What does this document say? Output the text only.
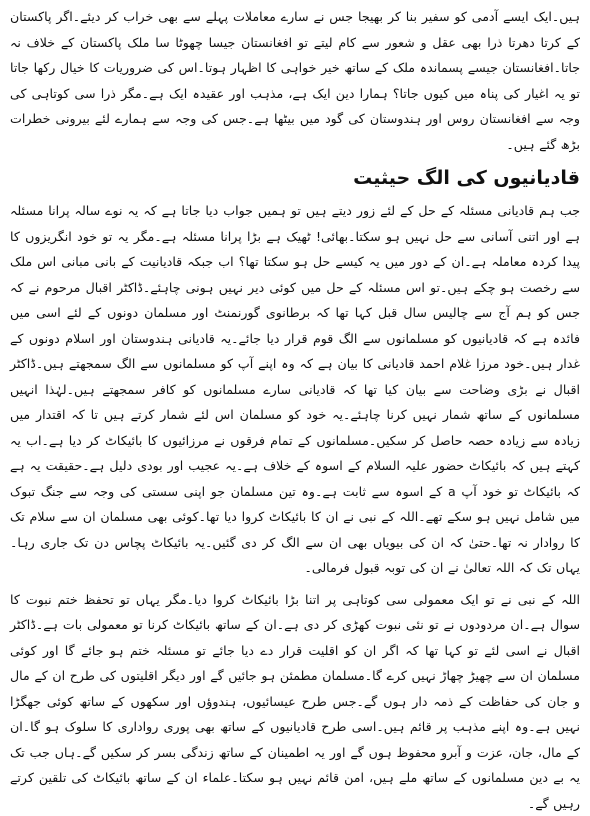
ہیں۔ایک ایسے آدمی کو سفیر بنا کر بھیجا جس نے سارے معاملات پہلے سے بھی خراب کر دیئے۔اگر پاکستان کے کرتا دھرتا ذرا بھی عقل و شعور سے کام لیتے تو افغانستان جیسا چھوٹا سا ملک پاکستان کے خلاف نہ جاتا۔افغانستان جیسے پسماندہ ملک کے ساتھ خیر خواہی کا اظہار ہوتا۔اس کی ضروریات کا خیال رکھا جاتا تو یہ اغیار کی پناہ میں کیوں جاتا؟ ہمارا دین ایک ہے، مذہب اور عقیدہ ایک ہے۔مگر ذرا سی کوتاہی کی وجہ سے افغانستان روس اور ہندوستان کی گود میں بیٹھا ہے۔جس کی وجہ سے ہمارے لئے بیرونی خطرات بڑھ گئے ہیں۔

قادیانیوں کی الگ حیثیت

جب ہم قادیانی مسئلہ کے حل کے لئے زور دیتے ہیں تو ہمیں جواب دیا جاتا ہے کہ یہ نوے سالہ پرانا مسئلہ ہے اور اتنی آسانی سے حل نہیں ہو سکتا۔بھائی! ٹھیک ہے بڑا پرانا مسئلہ ہے۔مگر یہ تو خود انگریزوں کا پیدا کردہ معاملہ ہے۔ان کے دور میں یہ کیسے حل ہو سکتا تھا؟ اب جبکہ قادیانیت کے بانی مبانی اس ملک سے رخصت ہو چکے ہیں۔تو اس مسئلہ کے حل میں کوئی دیر نہیں ہونی چاہئے۔ڈاکٹر اقبال مرحوم نے کہ جس کو ہم آج سے چالیس سال قبل کہا تھا کہ برطانوی گورنمنٹ اور مسلمان دونوں کے لئے اسی میں فائدہ ہے کہ قادیانیوں کو مسلمانوں سے الگ قوم قرار دیا جائے۔یہ قادیانی ہندوستان اور اسلام دونوں کے غدار ہیں۔خود مرزا غلام احمد قادیانی کا بیان ہے کہ وہ اپنے آپ کو مسلمانوں سے الگ سمجھتے ہیں۔ڈاکٹر اقبال نے بڑی وضاحت سے بیان کیا تھا کہ قادیانی سارے مسلمانوں کو کافر سمجھتے ہیں۔لہٰذا انہیں مسلمانوں کے ساتھ شمار نہیں کرنا چاہئے۔یہ خود کو مسلمان اس لئے شمار کرتے ہیں تا کہ اقتدار میں زیادہ سے زیادہ حصہ حاصل کر سکیں۔مسلمانوں کے تمام فرقوں نے مرزائیوں کا بائیکاٹ کر دیا ہے۔اب یہ کہتے ہیں کہ بائیکاٹ حضور علیہ السلام کے اسوہ کے خلاف ہے۔یہ عجیب اور بودی دلیل ہے۔حقیقت یہ ہے کہ بائیکاٹ تو خود آپ a کے اسوہ سے ثابت ہے۔وہ تین مسلمان جو اپنی سستی کی وجہ سے جنگ تبوک میں شامل نہیں ہو سکے تھے۔اللہ کے نبی نے ان کا بائیکاٹ کروا دیا تھا۔کوئی بھی مسلمان ان سے سلام تک کا روادار نہ تھا۔حتیٰ کہ ان کی بیویاں بھی ان سے الگ کر دی گئیں۔یہ بائیکاٹ پچاس دن تک جاری رہا۔یہاں تک کہ اللہ تعالیٰ نے ان کی توبہ قبول فرمالی۔

اللہ کے نبی نے تو ایک معمولی سی کوتاہی پر اتنا بڑا بائیکاٹ کروا دیا۔مگر یہاں تو تحفظ ختم نبوت کا سوال ہے۔ان مردودوں نے تو نئی نبوت کھڑی کر دی ہے۔ان کے ساتھ بائیکاٹ کرنا تو معمولی بات ہے۔ڈاکٹر اقبال نے اسی لئے تو کہا تھا کہ اگر ان کو اقلیت قرار دے دیا جائے تو مسئلہ ختم ہو جائے گا اور کوئی مسلمان ان سے چھیڑ چھاڑ نہیں کرے گا۔مسلمان مطمئن ہو جائیں گے اور دیگر اقلیتوں کی طرح ان کے مال و جان کی حفاظت کے ذمہ دار ہوں گے۔جس طرح عیسائیوں، ہندوؤں اور سکھوں کے ساتھ کوئی جھگڑا نہیں ہے۔وہ اپنے مذہب پر قائم ہیں۔اسی طرح قادیانیوں کے ساتھ بھی پوری رواداری کا سلوک ہو گا۔ان کے مال، جان، عزت و آبرو محفوظ ہوں گے اور یہ اطمینان کے ساتھ زندگی بسر کر سکیں گے۔ہاں جب تک یہ بے دین مسلمانوں کے ساتھ ملے ہیں، امن قائم نہیں ہو سکتا۔علماء ان کے ساتھ بائیکاٹ کی تلقین کرتے رہیں گے۔
